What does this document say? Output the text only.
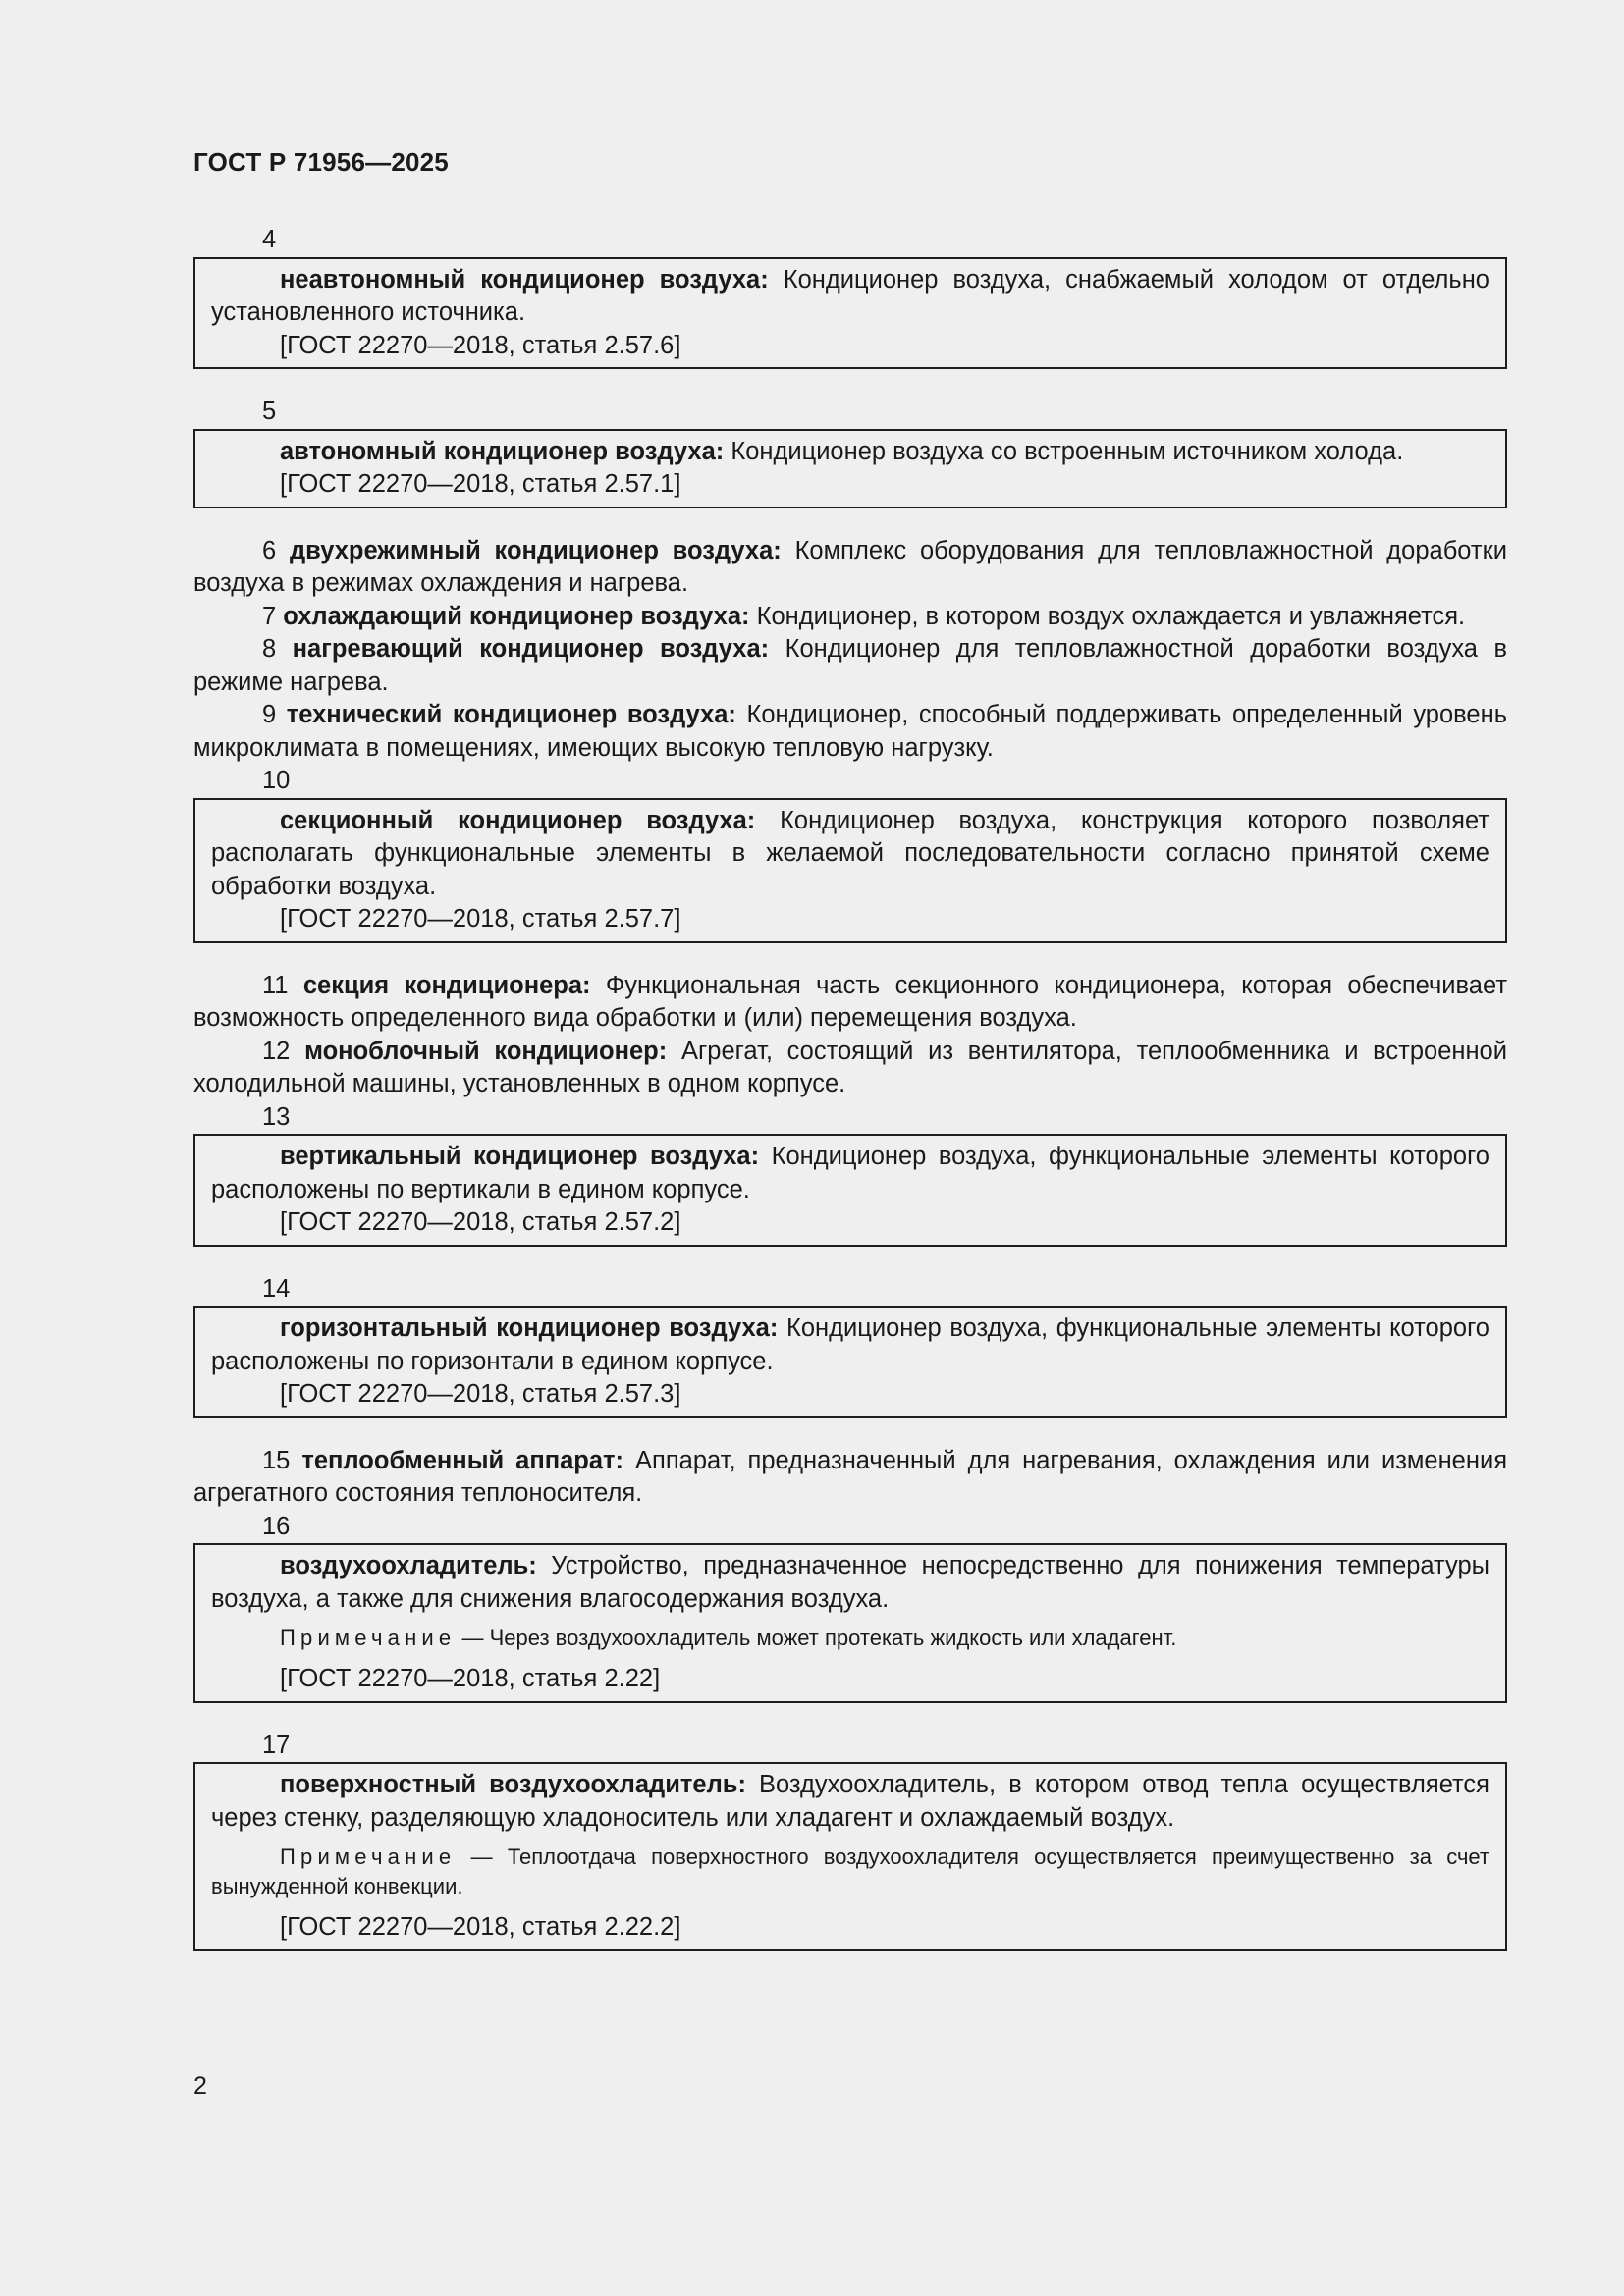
ГОСТ Р 71956—2025
4

неавтономный кондиционер воздуха: Кондиционер воздуха, снабжаемый холодом от отдельно установленного источника.

[ГОСТ 22270—2018, статья 2.57.6]
5

автономный кондиционер воздуха: Кондиционер воздуха со встроенным источником холода.

[ГОСТ 22270—2018, статья 2.57.1]

6 двухрежимный кондиционер воздуха: Комплекс оборудования для тепловлажностной доработки воздуха в режимах охлаждения и нагрева.

7 охлаждающий кондиционер воздуха: Кондиционер, в котором воздух охлаждается и увлажняется.

8 нагревающий кондиционер воздуха: Кондиционер для тепловлажностной доработки воздуха в режиме нагрева.

9 технический кондиционер воздуха: Кондиционер, способный поддерживать определенный уровень микроклимата в помещениях, имеющих высокую тепловую нагрузку.

10

секционный кондиционер воздуха: Кондиционер воздуха, конструкция которого позволяет располагать функциональные элементы в желаемой последовательности согласно принятой схеме обработки воздуха.

[ГОСТ 22270—2018, статья 2.57.7]

11 секция кондиционера: Функциональная часть секционного кондиционера, которая обеспечивает возможность определенного вида обработки и (или) перемещения воздуха.

12 моноблочный кондиционер: Агрегат, состоящий из вентилятора, теплообменника и встроенной холодильной машины, установленных в одном корпусе.

13

вертикальный кондиционер воздуха: Кондиционер воздуха, функциональные элементы которого расположены по вертикали в едином корпусе.

[ГОСТ 22270—2018, статья 2.57.2]
14

горизонтальный кондиционер воздуха: Кондиционер воздуха, функциональные элементы которого расположены по горизонтали в едином корпусе.

[ГОСТ 22270—2018, статья 2.57.3]

15 теплообменный аппарат: Аппарат, предназначенный для нагревания, охлаждения или изменения агрегатного состояния теплоносителя.

16

воздухоохладитель: Устройство, предназначенное непосредственно для понижения температуры воздуха, а также для снижения влагосодержания воздуха.

Примечание — Через воздухоохладитель может протекать жидкость или хладагент.

[ГОСТ 22270—2018, статья 2.22]
17

поверхностный воздухоохладитель: Воздухоохладитель, в котором отвод тепла осуществляется через стенку, разделяющую хладоноситель или хладагент и охлаждаемый воздух.

Примечание — Теплоотдача поверхностного воздухоохладителя осуществляется преимущественно за счет вынужденной конвекции.

[ГОСТ 22270—2018, статья 2.22.2]
2
